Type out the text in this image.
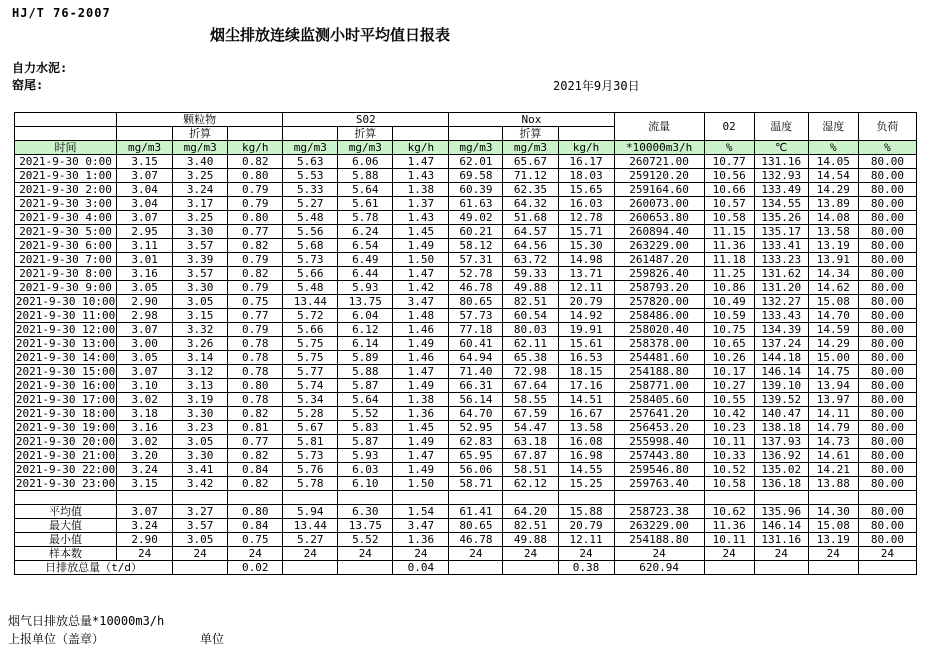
HJ/T 76-2007
烟尘排放连续监测小时平均值日报表
自力水泥:
窑尾:	2021年9月30日
	颗粒物			S02			Nox			流量	02	温度	湿度	负荷
		折算			折算			折算						
时间	mg/m3	mg/m3	kg/h	mg/m3	mg/m3	kg/h	mg/m3	mg/m3	kg/h	*10000m3/h	%	℃	%	%
2021-9-30 0:00	3.15	3.40	0.82	5.63	6.06	1.47	62.01	65.67	16.17	260721.00	10.77	131.16	14.05	80.00
2021-9-30 1:00	3.07	3.25	0.80	5.53	5.88	1.43	69.58	71.12	18.03	259120.20	10.56	132.93	14.54	80.00
2021-9-30 2:00	3.04	3.24	0.79	5.33	5.64	1.38	60.39	62.35	15.65	259164.60	10.66	133.49	14.29	80.00
2021-9-30 3:00	3.04	3.17	0.79	5.27	5.61	1.37	61.63	64.32	16.03	260073.00	10.57	134.55	13.89	80.00
2021-9-30 4:00	3.07	3.25	0.80	5.48	5.78	1.43	49.02	51.68	12.78	260653.80	10.58	135.26	14.08	80.00
2021-9-30 5:00	2.95	3.30	0.77	5.56	6.24	1.45	60.21	64.57	15.71	260894.40	11.15	135.17	13.58	80.00
2021-9-30 6:00	3.11	3.57	0.82	5.68	6.54	1.49	58.12	64.56	15.30	263229.00	11.36	133.41	13.19	80.00
2021-9-30 7:00	3.01	3.39	0.79	5.73	6.49	1.50	57.31	63.72	14.98	261487.20	11.18	133.23	13.91	80.00
2021-9-30 8:00	3.16	3.57	0.82	5.66	6.44	1.47	52.78	59.33	13.71	259826.40	11.25	131.62	14.34	80.00
2021-9-30 9:00	3.05	3.30	0.79	5.48	5.93	1.42	46.78	49.88	12.11	258793.20	10.86	131.20	14.62	80.00
2021-9-30 10:00	2.90	3.05	0.75	13.44	13.75	3.47	80.65	82.51	20.79	257820.00	10.49	132.27	15.08	80.00
2021-9-30 11:00	2.98	3.15	0.77	5.72	6.04	1.48	57.73	60.54	14.92	258486.00	10.59	133.43	14.70	80.00
2021-9-30 12:00	3.07	3.32	0.79	5.66	6.12	1.46	77.18	80.03	19.91	258020.40	10.75	134.39	14.59	80.00
2021-9-30 13:00	3.00	3.26	0.78	5.75	6.14	1.49	60.41	62.11	15.61	258378.00	10.65	137.24	14.29	80.00
2021-9-30 14:00	3.05	3.14	0.78	5.75	5.89	1.46	64.94	65.38	16.53	254481.60	10.26	144.18	15.00	80.00
2021-9-30 15:00	3.07	3.12	0.78	5.77	5.88	1.47	71.40	72.98	18.15	254188.80	10.17	146.14	14.75	80.00
2021-9-30 16:00	3.10	3.13	0.80	5.74	5.87	1.49	66.31	67.64	17.16	258771.00	10.27	139.10	13.94	80.00
2021-9-30 17:00	3.02	3.19	0.78	5.34	5.64	1.38	56.14	58.55	14.51	258405.60	10.55	139.52	13.97	80.00
2021-9-30 18:00	3.18	3.30	0.82	5.28	5.52	1.36	64.70	67.59	16.67	257641.20	10.42	140.47	14.11	80.00
2021-9-30 19:00	3.16	3.23	0.81	5.67	5.83	1.45	52.95	54.47	13.58	256453.20	10.23	138.18	14.79	80.00
2021-9-30 20:00	3.02	3.05	0.77	5.81	5.87	1.49	62.83	63.18	16.08	255998.40	10.11	137.93	14.73	80.00
2021-9-30 21:00	3.20	3.30	0.82	5.73	5.93	1.47	65.95	67.87	16.98	257443.80	10.33	136.92	14.61	80.00
2021-9-30 22:00	3.24	3.41	0.84	5.76	6.03	1.49	56.06	58.51	14.55	259546.80	10.52	135.02	14.21	80.00
2021-9-30 23:00	3.15	3.42	0.82	5.78	6.10	1.50	58.71	62.12	15.25	259763.40	10.58	136.18	13.88	80.00

平均值	3.07	3.27	0.80	5.94	6.30	1.54	61.41	64.20	15.88	258723.38	10.62	135.96	14.30	80.00
最大值	3.24	3.57	0.84	13.44	13.75	3.47	80.65	82.51	20.79	263229.00	11.36	146.14	15.08	80.00
最小值	2.90	3.05	0.75	5.27	5.52	1.36	46.78	49.88	12.11	254188.80	10.11	131.16	13.19	80.00
样本数	24	24	24	24	24	24	24	24	24	24	24	24	24	24
日排放总量（t/d）			0.02			0.04			0.38	620.94				
烟气日排放总量*10000m3/h
上报单位（盖章）	单位
